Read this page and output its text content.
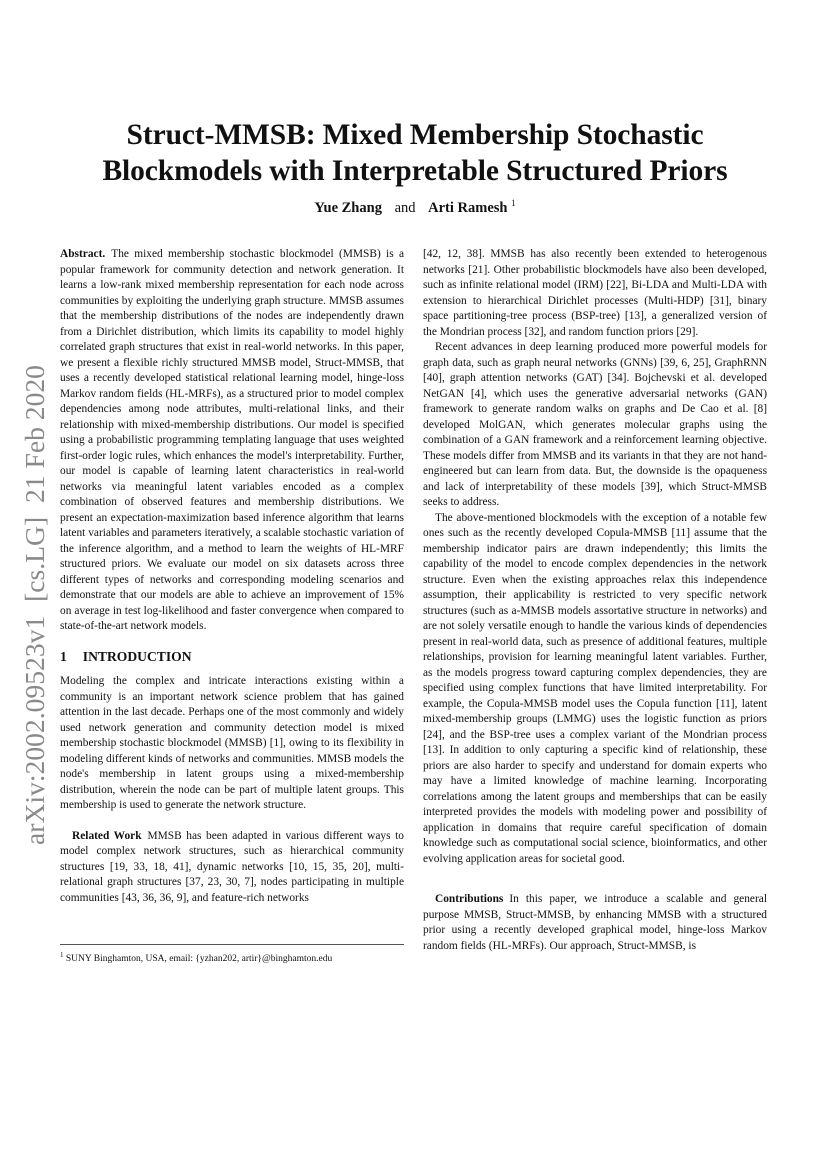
arXiv:2002.09523v1  [cs.LG]  21 Feb 2020
Struct-MMSB: Mixed Membership Stochastic
Blockmodels with Interpretable Structured Priors
Yue Zhang and Arti Ramesh $^1$

Abstract. The mixed membership stochastic blockmodel (MMSB) is a popular framework for community detection and network generation. It learns a low-rank mixed membership representation for each node across communities by exploiting the underlying graph structure. MMSB assumes that the membership distributions of the nodes are independently drawn from a Dirichlet distribution, which limits its capability to model highly correlated graph structures that exist in real-world networks. In this paper, we present a flexible richly structured MMSB model, Struct-MMSB, that uses a recently developed statistical relational learning model, hinge-loss Markov random fields (HL-MRFs), as a structured prior to model complex dependencies among node attributes, multi-relational links, and their relationship with mixed-membership distributions. Our model is specified using a probabilistic programming templating language that uses weighted first-order logic rules, which enhances the model's interpretability. Further, our model is capable of learning latent characteristics in real-world networks via meaningful latent variables encoded as a complex combination of observed features and membership distributions. We present an expectation-maximization based inference algorithm that learns latent variables and parameters iteratively, a scalable stochastic variation of the inference algorithm, and a method to learn the weights of HL-MRF structured priors. We evaluate our model on six datasets across three different types of networks and corresponding modeling scenarios and demonstrate that our models are able to achieve an improvement of 15% on average in test log-likelihood and faster convergence when compared to state-of-the-art network models.

1 INTRODUCTION

Modeling the complex and intricate interactions existing within a community is an important network science problem that has gained attention in the last decade. Perhaps one of the most commonly and widely used network generation and community detection model is mixed membership stochastic blockmodel (MMSB) [1], owing to its flexibility in modeling different kinds of networks and communities. MMSB models the node's membership in latent groups using a mixed-membership distribution, wherein the node can be part of multiple latent groups. This membership is used to generate the network structure.

Related Work MMSB has been adapted in various different ways to model complex network structures, such as hierarchical community structures [19, 33, 18, 41], dynamic networks [10, 15, 35, 20], multi-relational graph structures [37, 23, 30, 7], nodes participating in multiple communities [43, 36, 36, 9], and feature-rich networks

$^1$ SUNY Binghamton, USA, email: {yzhan202, artir}@binghamton.edu

[42, 12, 38]. MMSB has also recently been extended to heterogenous networks [21]. Other probabilistic blockmodels have also been developed, such as infinite relational model (IRM) [22], Bi-LDA and Multi-LDA with extension to hierarchical Dirichlet processes (Multi-HDP) [31], binary space partitioning-tree process (BSP-tree) [13], a generalized version of the Mondrian process [32], and random function priors [29].

Recent advances in deep learning produced more powerful models for graph data, such as graph neural networks (GNNs) [39, 6, 25], GraphRNN [40], graph attention networks (GAT) [34]. Bojchevski et al. developed NetGAN [4], which uses the generative adversarial networks (GAN) framework to generate random walks on graphs and De Cao et al. [8] developed MolGAN, which generates molecular graphs using the combination of a GAN framework and a reinforcement learning objective. These models differ from MMSB and its variants in that they are not hand-engineered but can learn from data. But, the downside is the opaqueness and lack of interpretability of these models [39], which Struct-MMSB seeks to address.

The above-mentioned blockmodels with the exception of a notable few ones such as the recently developed Copula-MMSB [11] assume that the membership indicator pairs are drawn independently; this limits the capability of the model to encode complex dependencies in the network structure. Even when the existing approaches relax this independence assumption, their applicability is restricted to very specific network structures (such as a-MMSB models assortative structure in networks) and are not solely versatile enough to handle the various kinds of dependencies present in real-world data, such as presence of additional features, multiple relationships, provision for learning meaningful latent variables. Further, as the models progress toward capturing complex dependencies, they are specified using complex functions that have limited interpretability. For example, the Copula-MMSB model uses the Copula function [11], latent mixed-membership groups (LMMG) uses the logistic function as priors [24], and the BSP-tree uses a complex variant of the Mondrian process [13]. In addition to only capturing a specific kind of relationship, these priors are also harder to specify and understand for domain experts who may have a limited knowledge of machine learning. Incorporating correlations among the latent groups and memberships that can be easily interpreted provides the models with modeling power and possibility of application in domains that require careful specification of domain knowledge such as computational social science, bioinformatics, and other evolving application areas for societal good.

Contributions In this paper, we introduce a scalable and general purpose MMSB, Struct-MMSB, by enhancing MMSB with a structured prior using a recently developed graphical model, hinge-loss Markov random fields (HL-MRFs). Our approach, Struct-MMSB, is
